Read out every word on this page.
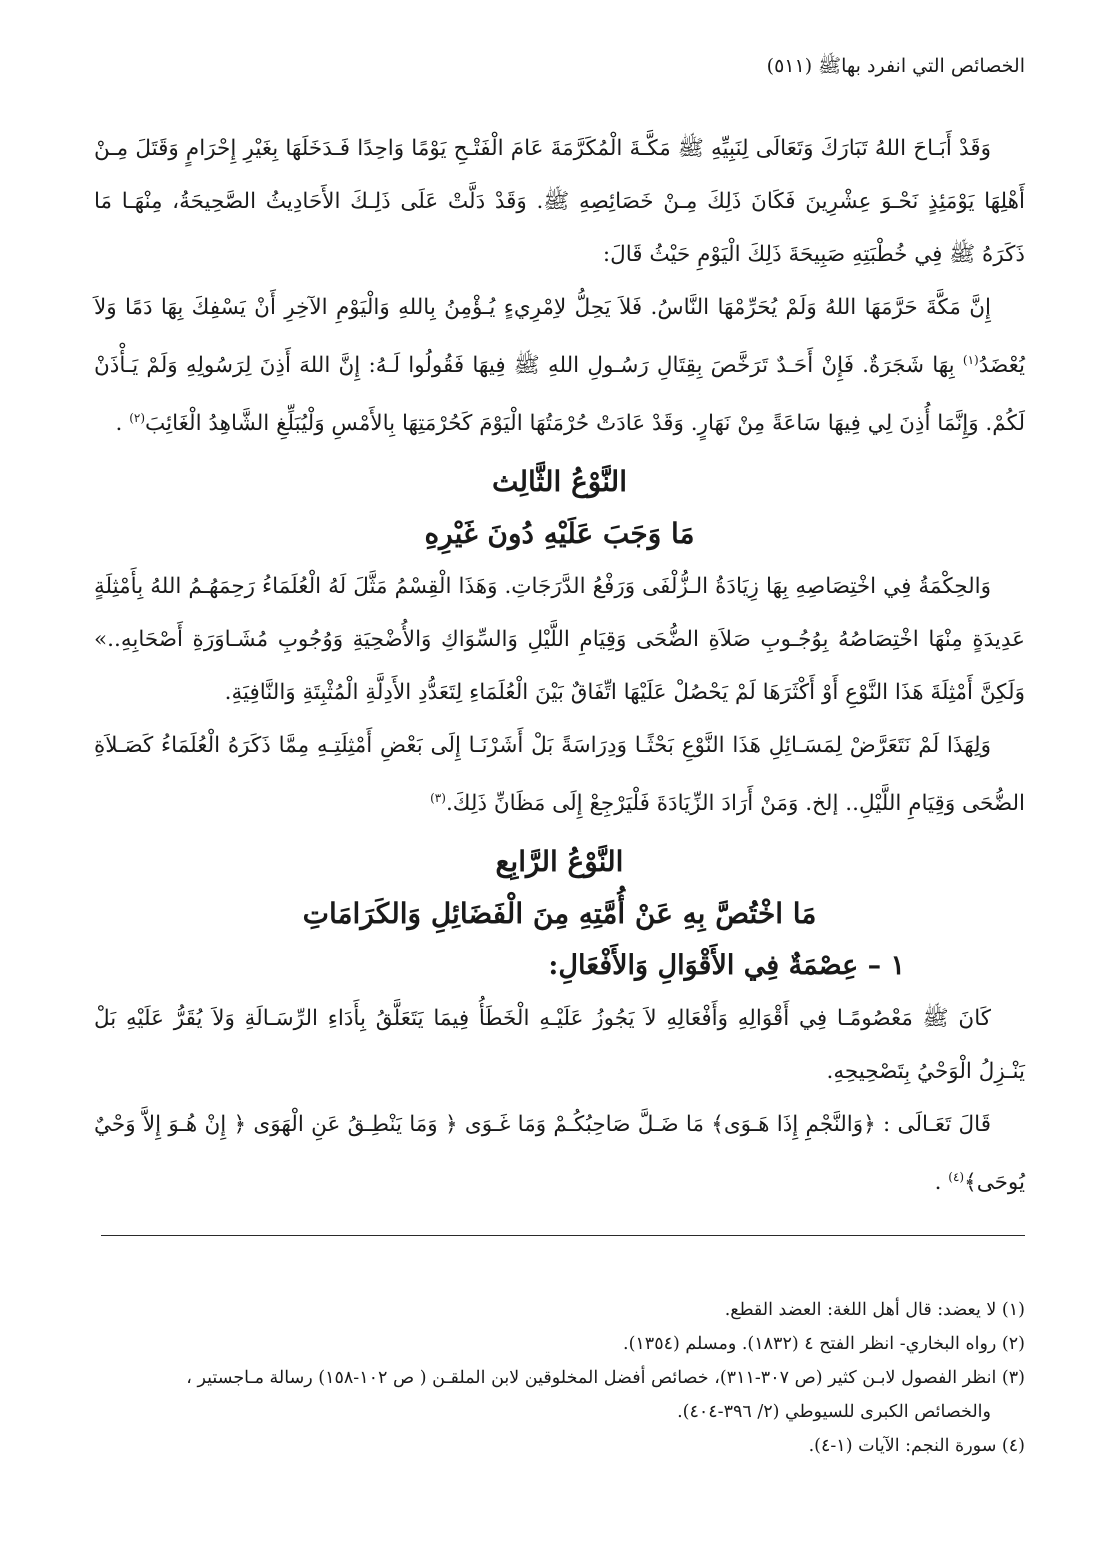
الخصائص التي انفرد بهاﷺ (٥١١)

وَقَدْ أَبَـاحَ اللهُ تَبَارَكَ وَتَعَالَى لِنَبِيِّهِ ﷺ مَكَّـةَ الْمُكَرَّمَةَ عَامَ الْفَتْـحِ يَوْمًا وَاحِدًا فَـدَخَلَهَا بِغَيْرِ إِحْرَامٍ وَقَتَلَ مِـنْ أَهْلِهَا يَوْمَئِذٍ نَحْـوَ عِشْرِينَ فَكَانَ ذَلِكَ مِـنْ خَصَائِصِهِ ﷺ. وَقَدْ دَلَّتْ عَلَى ذَلِـكَ الأَحَادِيثُ الصَّحِيحَةُ، مِنْهَـا مَا ذَكَرَهُ ﷺ فِي خُطْبَتِهِ صَبِيحَةَ ذَلِكَ الْيَوْمِ حَيْثُ قَالَ:

إِنَّ مَكَّةَ حَرَّمَهَا اللهُ وَلَمْ يُحَرِّمْهَا النَّاسُ. فَلاَ يَحِلُّ لاِمْرِيءٍ يُـؤْمِنُ بِاللهِ وَالْيَوْمِ الآخِرِ أَنْ يَسْفِكَ بِهَا دَمًا وَلاَ يُعْضَدُ$^{(١)}$ بِهَا شَجَرَةٌ. فَإِنْ أَحَـدٌ تَرَخَّصَ بِقِتَالِ رَسُـولِ اللهِ ﷺ فِيهَا فَقُولُوا لَـهُ: إِنَّ اللهَ أَذِنَ لِرَسُولِهِ وَلَمْ يَـأْذَنْ لَكُمْ. وَإِنَّمَا أُذِنَ لِي فِيهَا سَاعَةً مِنْ نَهَارٍ. وَقَدْ عَادَتْ حُرْمَتُهَا الْيَوْمَ كَحُرْمَتِهَا بِالأَمْسِ وَلْيُبَلِّغِ الشَّاهِدُ الْغَائِبَ$^{(٢)}$ .

النَّوْعُ الثَّالِث
مَا وَجَبَ عَلَيْهِ دُونَ غَيْرِهِ

وَالحِكْمَةُ فِي اخْتِصَاصِهِ بِهَا زِيَادَةُ الـزُّلْفَى وَرَفْعُ الدَّرَجَاتِ. وَهَذَا الْقِسْمُ مَثَّلَ لَهُ الْعُلَمَاءُ رَحِمَهُـمُ اللهُ بِأَمْثِلَةٍ عَدِيدَةٍ مِنْهَا اخْتِصَاصُهُ بِوُجُـوبِ صَلاَةِ الضُّحَى وَقِيَامِ اللَّيْلِ وَالسِّوَاكِ وَالأُضْحِيَةِ وَوُجُوبِ مُشَـاوَرَةِ أَصْحَابِهِ..» وَلَكِنَّ أَمْثِلَةَ هَذَا النَّوْعِ أَوْ أَكْثَرَهَا لَمْ يَحْصُلْ عَلَيْهَا اتِّفَاقٌ بَيْنَ الْعُلَمَاءِ لِتَعَدُّدِ الأَدِلَّةِ الْمُثْبِتَةِ وَالنَّافِيَةِ.

وَلِهَذَا لَمْ نَتَعَرَّضْ لِمَسَـائِلِ هَذَا النَّوْعِ بَحْثًـا وَدِرَاسَةً بَلْ أَشَرْنَـا إِلَى بَعْضِ أَمْثِلَتِـهِ مِمَّا ذَكَرَهُ الْعُلَمَاءُ كَصَـلاَةِ الضُّحَى وَقِيَامِ اللَّيْلِ.. إلخ. وَمَنْ أَرَادَ الزِّيَادَةَ فَلْيَرْجِعْ إِلَى مَظَانِّ ذَلِكَ.$^{(٣)}$

النَّوْعُ الرَّابِع
مَا اخْتُصَّ بِهِ عَنْ أُمَّتِهِ مِنَ الْفَضَائِلِ وَالكَرَامَاتِ
١ – عِصْمَةٌ فِي الأَقْوَالِ وَالأَفْعَالِ:

كَانَ ﷺ مَعْصُومًـا فِي أَقْوَالِهِ وَأَفْعَالِهِ لاَ يَجُوزُ عَلَيْـهِ الْخَطَأُ فِيمَا يَتَعَلَّقُ بِأَدَاءِ الرِّسَـالَةِ وَلاَ يُقَرُّ عَلَيْهِ بَلْ يَنْـزِلُ الْوَحْيُ بِتَصْحِيحِهِ.

قَالَ تَعَـالَى : ﴿وَالنَّجْمِ إِذَا هَـوَى﴾ مَا ضَـلَّ صَاحِبُكُـمْ وَمَا غَـوَى ﴿ وَمَا يَنْطِـقُ عَنِ الْهَوَى ﴿ إِنْ هُـوَ إِلاَّ وَحْيٌ يُوحَى﴾$^{(٤)}$ .

(١) لا يعضد: قال أهل اللغة: العضد القطع.

(٢) رواه البخاري- انظر الفتح ٤ (١٨٣٢). ومسلم (١٣٥٤).

(٣) انظر الفصول لابـن كثير (ص ٣٠٧-٣١١)، خصائص أفضل المخلوقين لابن الملقـن ( ص ١٠٢-١٥٨) رسالة مـاجستير ،

والخصائص الكبرى للسيوطي (٢/ ٣٩٦-٤٠٤).

(٤) سورة النجم: الآيات (١-٤).
